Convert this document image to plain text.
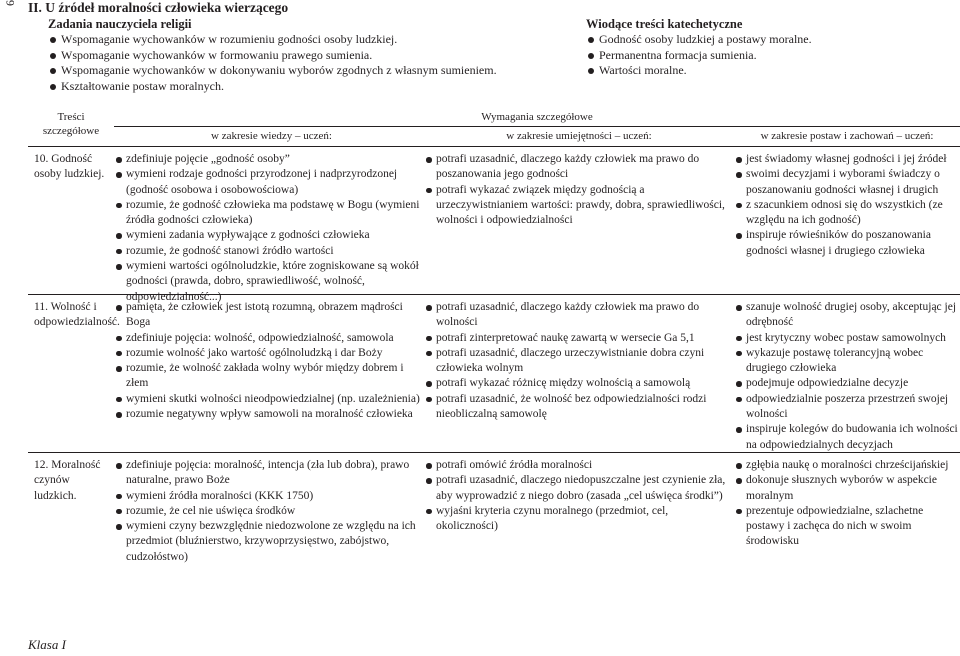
6 II. U źródeł moralności człowieka wierzącego
Zadania nauczyciela religii
Wspomaganie wychowanków w rozumieniu godności osoby ludzkiej.
Wspomaganie wychowanków w formowaniu prawego sumienia.
Wspomaganie wychowanków w dokonywaniu wyborów zgodnych z własnym sumieniem.
Kształtowanie postaw moralnych.
Wiodące treści katechetyczne
Godność osoby ludzkiej a postawy moralne.
Permanentna formacja sumienia.
Wartości moralne.
Treści szczegółowe
Wymagania szczegółowe
w zakresie wiedzy – uczeń:	w zakresie umiejętności – uczeń:	w zakresie postaw i zachowań – uczeń:
10. Godność osoby ludzkiej.
zdefiniuje pojęcie „godność osoby”
wymieni rodzaje godności przyrodzonej i nadprzyrodzonej (godność osobowa i osobowościowa)
rozumie, że godność człowieka ma podstawę w Bogu (wymieni źródła godności człowieka)
wymieni zadania wypływające z godności człowieka
rozumie, że godność stanowi źródło wartości
wymieni wartości ogólnoludzkie, które zogniskowane są wokół godności (prawda, dobro, sprawiedliwość, wolność, odpowiedzialność...)
potrafi uzasadnić, dlaczego każdy człowiek ma prawo do poszanowania jego godności
potrafi wykazać związek między godnością a urzeczywistnianiem wartości: prawdy, dobra, sprawiedliwości, wolności i odpowiedzialności
jest świadomy własnej godności i jej źródeł
swoimi decyzjami i wyborami świadczy o poszanowaniu godności własnej i drugich
z szacunkiem odnosi się do wszystkich (ze względu na ich godność)
inspiruje rówieśników do poszanowania godności własnej i drugiego człowieka
11. Wolność i odpowiedzialność.
pamięta, że człowiek jest istotą rozumną, obrazem mądrości Boga
zdefiniuje pojęcia: wolność, odpowiedzialność, samowola
rozumie wolność jako wartość ogólnoludzką i dar Boży
rozumie, że wolność zakłada wolny wybór między dobrem i złem
wymieni skutki wolności nieodpowiedzialnej (np. uzależnienia)
rozumie negatywny wpływ samowoli na moralność człowieka
potrafi uzasadnić, dlaczego każdy człowiek ma prawo do wolności
potrafi zinterpretować naukę zawartą w wersecie Ga 5,1
potrafi uzasadnić, dlaczego urzeczywistnianie dobra czyni człowieka wolnym
potrafi wykazać różnicę między wolnością a samowolą
potrafi uzasadnić, że wolność bez odpowiedzialności rodzi nieobliczalną samowolę
szanuje wolność drugiej osoby, akceptując jej odrębność
jest krytyczny wobec postaw samowolnych
wykazuje postawę tolerancyjną wobec drugiego człowieka
podejmuje odpowiedzialne decyzje
odpowiedzialnie poszerza przestrzeń swojej wolności
inspiruje kolegów do budowania ich wolności na odpowiedzialnych decyzjach
12. Moralność czynów ludzkich.
zdefiniuje pojęcia: moralność, intencja (zła lub dobra), prawo naturalne, prawo Boże
wymieni źródła moralności (KKK 1750)
rozumie, że cel nie uświęca środków
wymieni czyny bezwzględnie niedozwolone ze względu na ich przedmiot (bluźnierstwo, krzywoprzysięstwo, zabójstwo, cudzołóstwo)
potrafi omówić źródła moralności
potrafi uzasadnić, dlaczego niedopuszczalne jest czynienie zła, aby wyprowadzić z niego dobro (zasada „cel uświęca środki”)
wyjaśni kryteria czynu moralnego (przedmiot, cel, okoliczności)
zgłębia naukę o moralności chrześcijańskiej
dokonuje słusznych wyborów w aspekcie moralnym
prezentuje odpowiedzialne, szlachetne postawy i zachęca do nich w swoim środowisku
Klasa I
